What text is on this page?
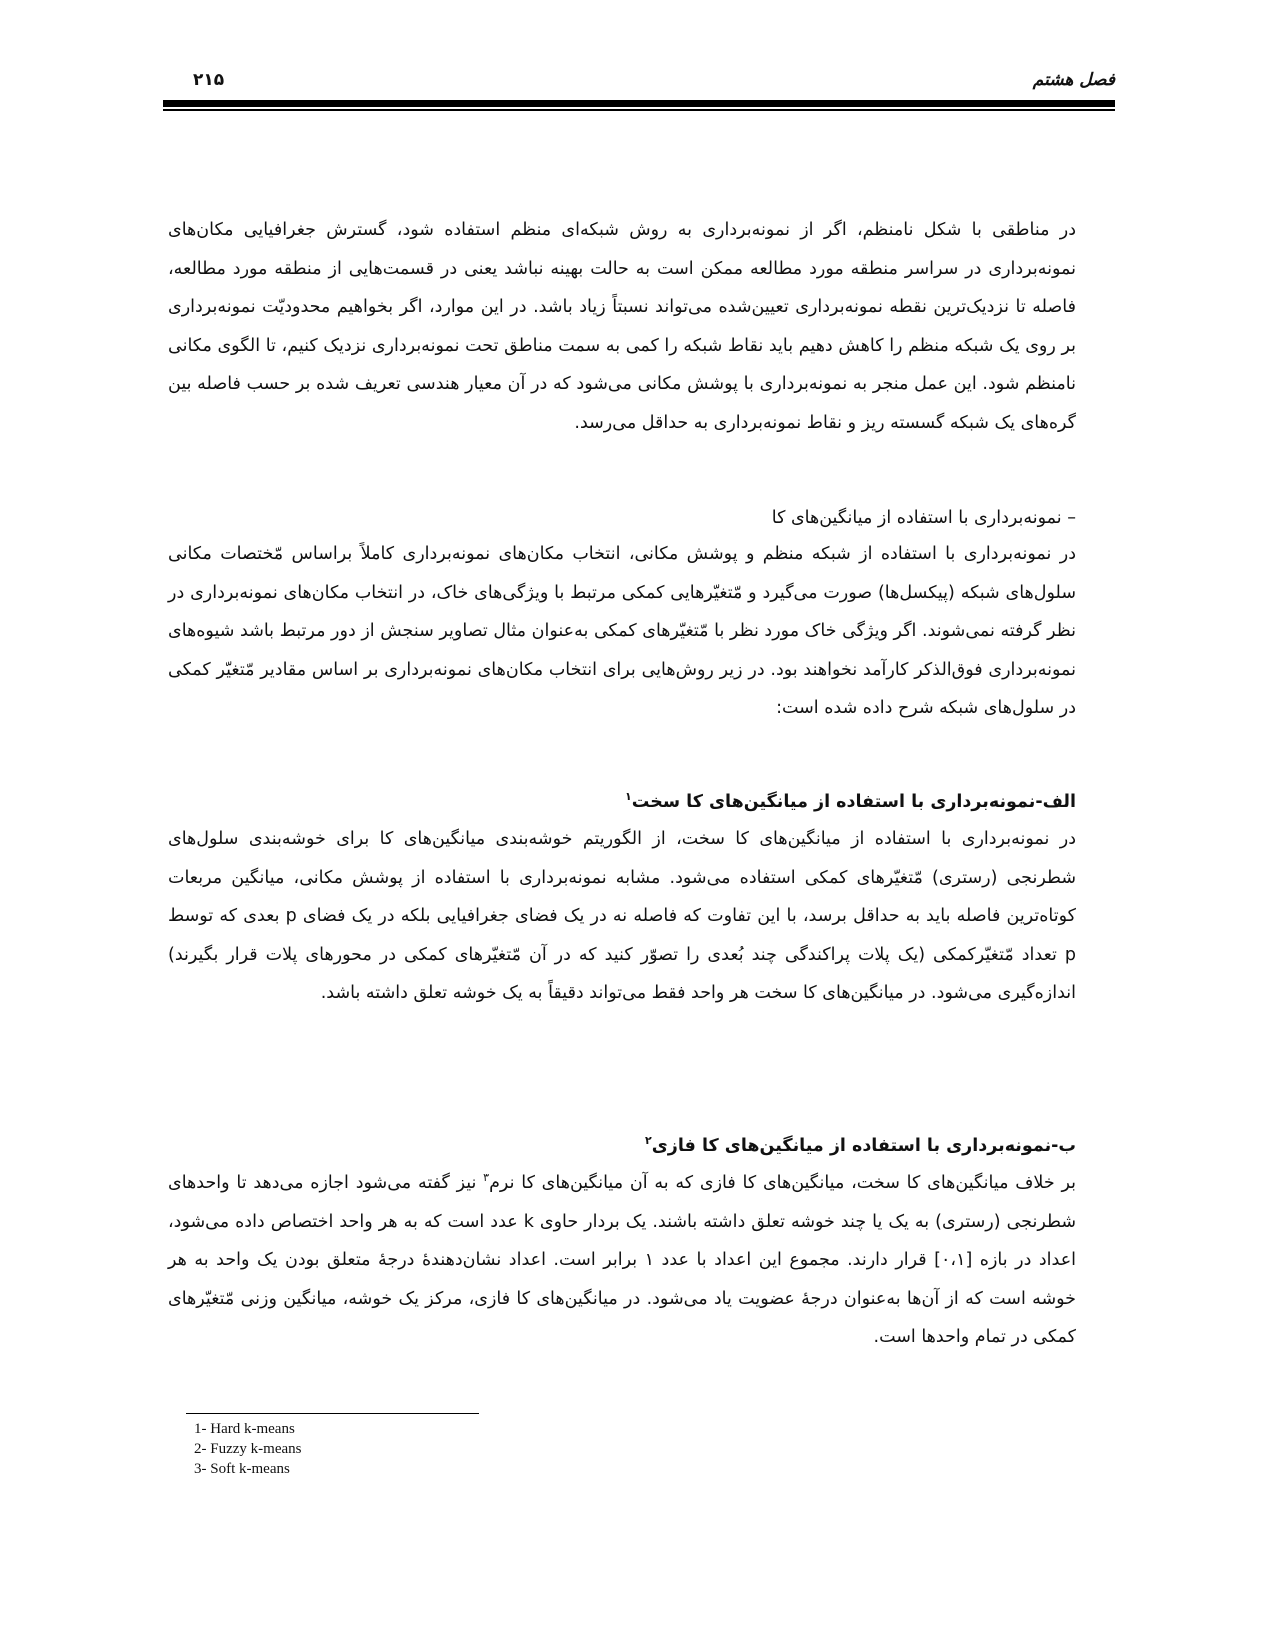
فصل هشتم
۲۱۵
در مناطقی با شکل نامنظم، اگر از نمونه‌برداری به روش شبکه‌ای منظم استفاده شود، گسترش جغرافیایی مکان‌های نمونه‌برداری در سراسر منطقه مورد مطالعه ممکن است به حالت بهینه نباشد یعنی در قسمت‌هایی از منطقه مورد مطالعه، فاصله تا نزدیک‌ترین نقطه نمونه‌برداری تعیین‌شده می‌تواند نسبتاً زیاد باشد. در این موارد، اگر بخواهیم محدودیّت نمونه‌برداری بر روی یک شبکه منظم را کاهش دهیم باید نقاط شبکه را کمی به سمت مناطق تحت نمونه‌برداری نزدیک کنیم، تا الگوی مکانی نامنظم شود. این عمل منجر به نمونه‌برداری با پوشش مکانی می‌شود که در آن معیار هندسی تعریف شده بر حسب فاصله بین گره‌های یک شبکه گسسته ریز و نقاط نمونه‌برداری به حداقل می‌رسد.
– نمونه‌برداری با استفاده از میانگین‌های کا
در نمونه‌برداری با استفاده از شبکه منظم و پوشش مکانی، انتخاب مکان‌های نمونه‌برداری کاملاً براساس مّختصات مکانی سلول‌های شبکه (پیکسل‌ها) صورت می‌گیرد و مّتغیّرهایی کمکی مرتبط با ویژگی‌های خاک، در انتخاب مکان‌های نمونه‌برداری در نظر گرفته نمی‌شوند. اگر ویژگی خاک مورد نظر با مّتغیّرهای کمکی به‌عنوان مثال تصاویر سنجش از دور مرتبط باشد شیوه‌های نمونه‌برداری فوق‌الذکر کارآمد نخواهند بود. در زیر روش‌هایی برای انتخاب مکان‌های نمونه‌برداری بر اساس مقادیر مّتغیّر کمکی در سلول‌های شبکه شرح داده شده است:
الف-نمونه‌برداری با استفاده از میانگین‌های کا سخت$^۱$
در نمونه‌برداری با استفاده از میانگین‌های کا سخت، از الگوریتم خوشه‌بندی میانگین‌های کا برای خوشه‌بندی سلول‌های شطرنجی (رستری) مّتغیّرهای کمکی استفاده می‌شود. مشابه نمونه‌برداری با استفاده از پوشش مکانی، میانگین مربعات کوتاه‌ترین فاصله باید به حداقل برسد، با این تفاوت که فاصله نه در یک فضای جغرافیایی بلکه در یک فضای p بعدی که توسط p تعداد مّتغیّرکمکی (یک پلات پراکندگی چند بُعدی را تصوّر کنید که در آن مّتغیّرهای کمکی در محورهای پلات قرار بگیرند) اندازه‌گیری می‌شود. در میانگین‌های کا سخت هر واحد فقط می‌تواند دقیقاً به یک خوشه تعلق داشته باشد.
ب-نمونه‌برداری با استفاده از میانگین‌های کا فازی$^۲$
بر خلاف میانگین‌های کا سخت، میانگین‌های کا فازی که به آن میانگین‌های کا نرم$^۳$ نیز گفته می‌شود اجازه می‌دهد تا واحدهای شطرنجی (رستری) به یک یا چند خوشه تعلق داشته باشند. یک بردار حاوی k عدد است که به هر واحد اختصاص داده می‌شود، اعداد در بازه [۰،۱] قرار دارند. مجموع این اعداد با عدد ۱ برابر است. اعداد نشان‌دهندهٔ درجهٔ متعلق بودن یک واحد به هر خوشه است که از آن‌ها به‌عنوان درجهٔ عضویت یاد می‌شود. در میانگین‌های کا فازی، مرکز یک خوشه، میانگین وزنی مّتغیّرهای کمکی در تمام واحدها است.
1- Hard k-means
2- Fuzzy k-means
3- Soft k-means
